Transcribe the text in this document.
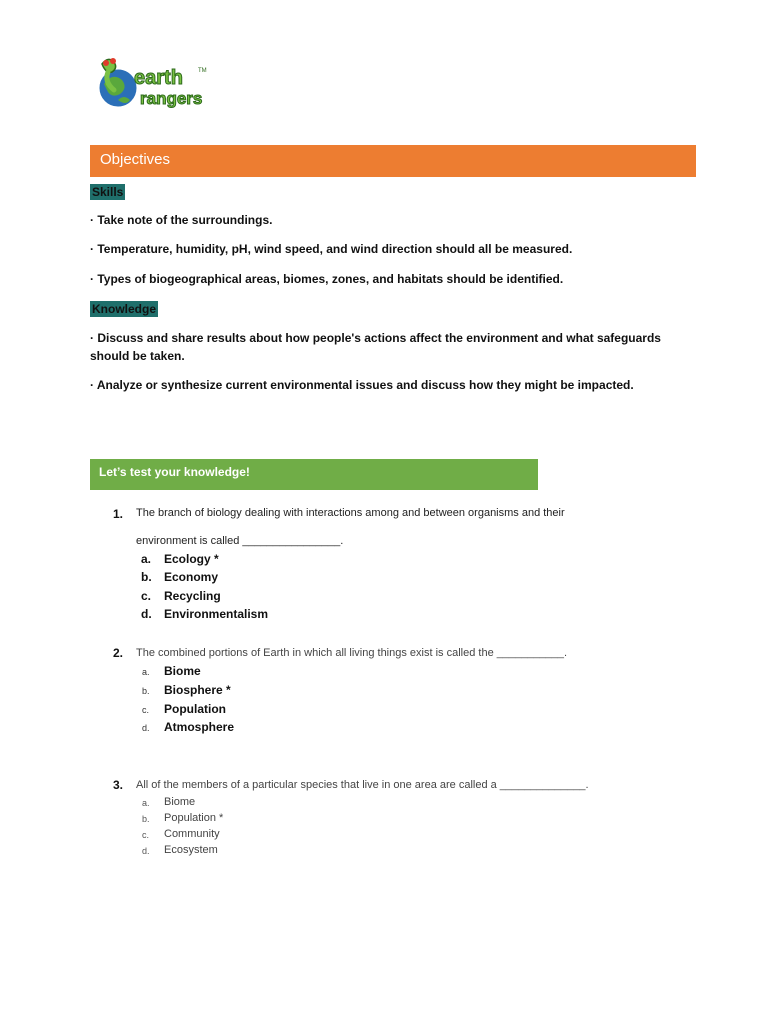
earth
rangers
TM
Objectives
Skills
· Take note of the surroundings.
· Temperature, humidity, pH, wind speed, and wind direction should all be measured.
· Types of biogeographical areas, biomes, zones, and habitats should be identified.
Knowledge
· Discuss and share results about how people's actions affect the environment and what safeguards
should be taken.
· Analyze or synthesize current environmental issues and discuss how they might be impacted.
Let’s test your knowledge!
1. The branch of biology dealing with interactions among and between organisms and their
environment is called ________________.
a. Ecology *
b. Economy
c. Recycling
d. Environmentalism
2. The combined portions of Earth in which all living things exist is called the ___________.
a. Biome
b. Biosphere *
c. Population
d. Atmosphere
3. All of the members of a particular species that live in one area are called a ______________.
a. Biome
b. Population *
c. Community
d. Ecosystem
